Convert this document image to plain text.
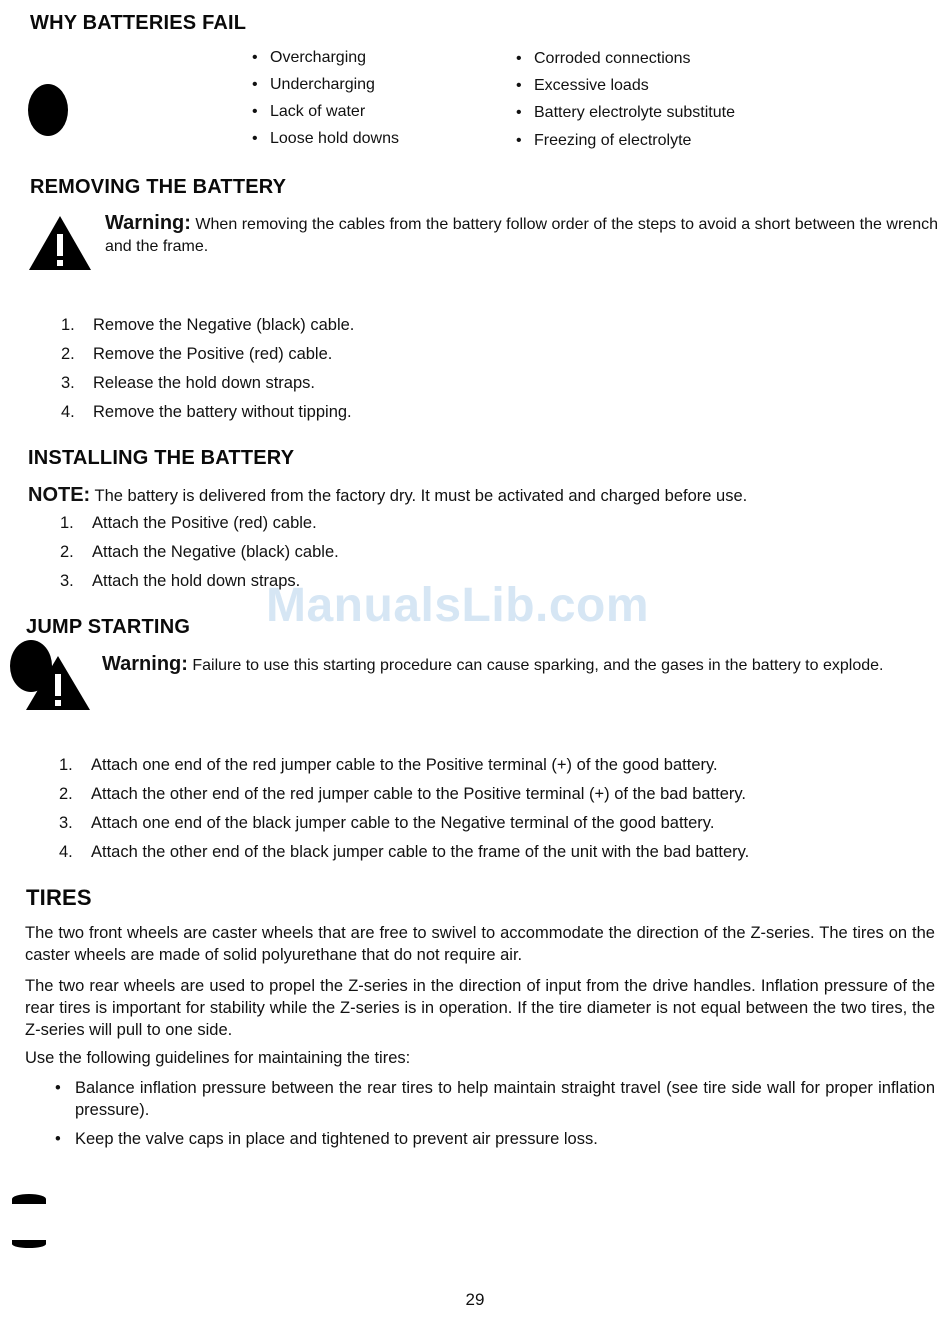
WHY BATTERIES FAIL
• Overcharging
• Undercharging
• Lack of water
• Loose hold downs
• Corroded connections
• Excessive loads
• Battery electrolyte substitute
• Freezing of electrolyte
REMOVING THE BATTERY
Warning: When removing the cables from the battery follow order of the steps to avoid a short between the wrench and the frame.
1. Remove the Negative (black) cable.
2. Remove the Positive (red) cable.
3. Release the hold down straps.
4. Remove the battery without tipping.
INSTALLING THE BATTERY
NOTE: The battery is delivered from the factory dry. It must be activated and charged before use.
1. Attach the Positive (red) cable.
2. Attach the Negative (black) cable.
3. Attach the hold down straps.
JUMP STARTING
Warning: Failure to use this starting procedure can cause sparking, and the gases in the battery to explode.
1. Attach one end of the red jumper cable to the Positive terminal (+) of the good battery.
2. Attach the other end of the red jumper cable to the Positive terminal (+) of the bad battery.
3. Attach one end of the black jumper cable to the Negative terminal of the good battery.
4. Attach the other end of the black jumper cable to the frame of the unit with the bad battery.
TIRES
The two front wheels are caster wheels that are free to swivel to accommodate the direction of the Z-series. The tires on the caster wheels are made of solid polyurethane that do not require air.
The two rear wheels are used to propel the Z-series in the direction of input from the drive handles. Inflation pressure of the rear tires is important for stability while the Z-series is in operation. If the tire diameter is not equal between the two tires, the Z-series will pull to one side.
Use the following guidelines for maintaining the tires:
• Balance inflation pressure between the rear tires to help maintain straight travel (see tire side wall for proper inflation pressure).
• Keep the valve caps in place and tightened to prevent air pressure loss.
ManualsLib.com
29
